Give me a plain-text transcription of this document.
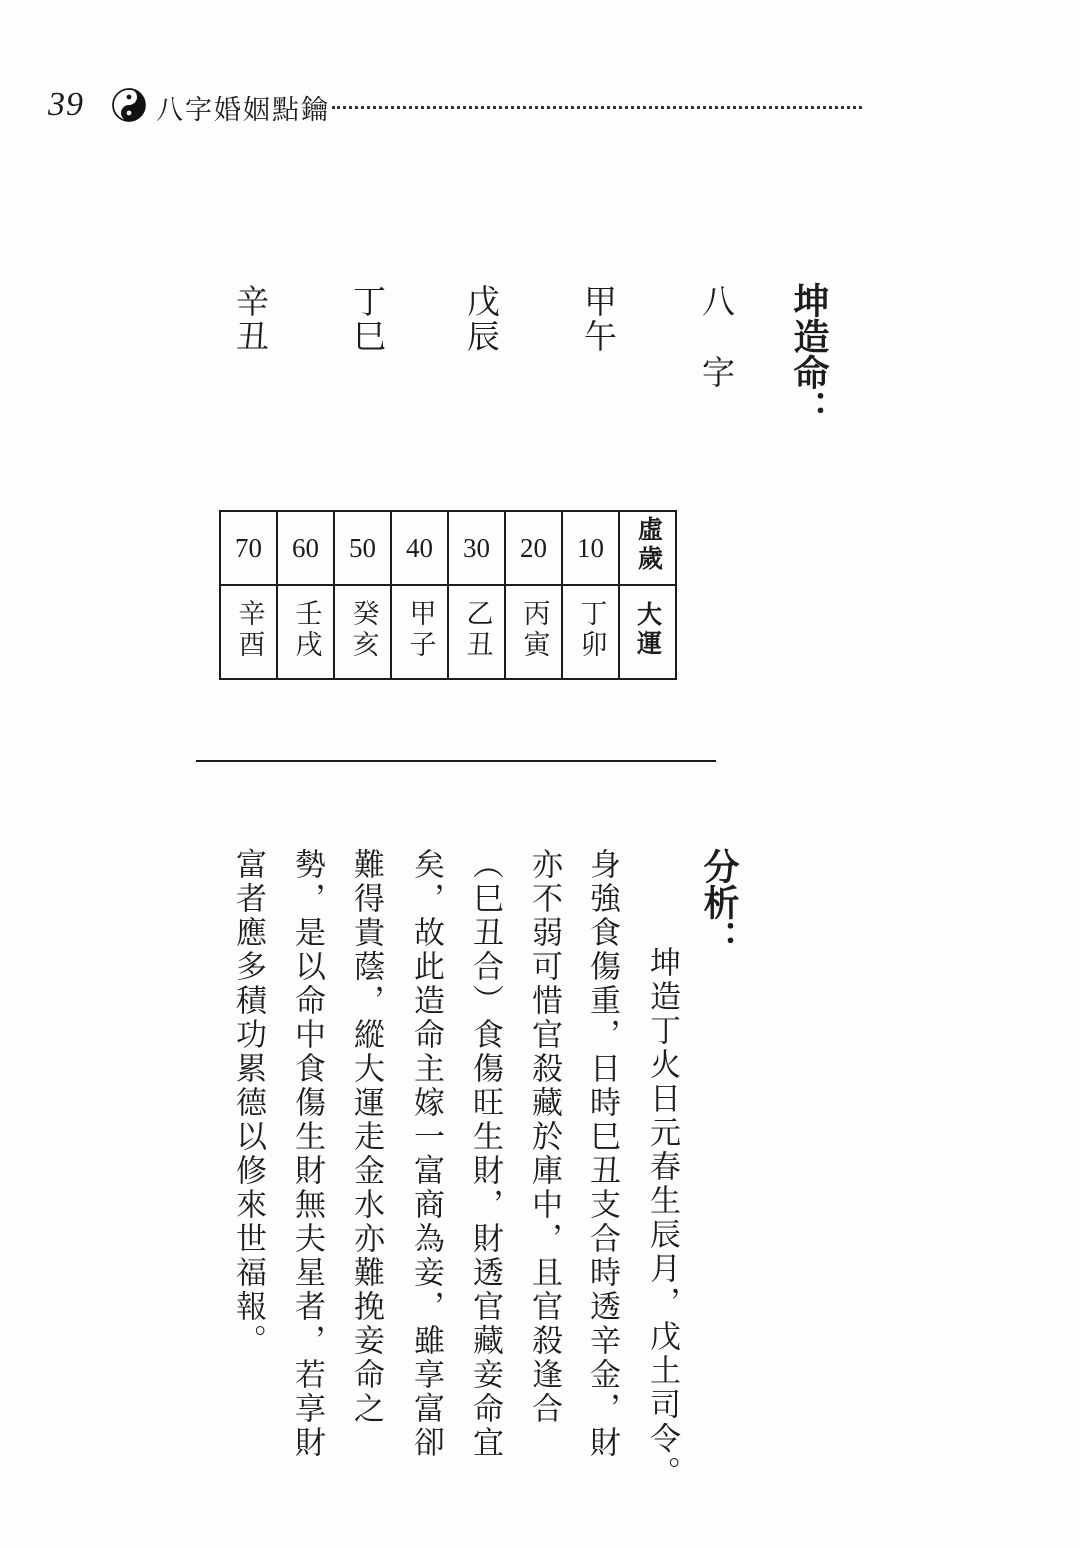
39	八字婚姻點鑰
坤造命：
八字
甲午
戊辰
丁巳
辛丑
70	60	50	40	30	20	10	虛歲
辛酉	壬戌	癸亥	甲子	乙丑	丙寅	丁卯	大運
分析：
　坤造丁火日元春生辰月，戊土司令。
身強食傷重，日時巳丑支合時透辛金，財
亦不弱可惜官殺藏於庫中，且官殺逢合
（巳丑合）食傷旺生財，財透官藏妾命宜
矣，故此造命主嫁一富商為妾，雖享富卻
難得貴蔭，縱大運走金水亦難挽妾命之
勢，是以命中食傷生財無夫星者，若享財
富者應多積功累德以修來世福報。
